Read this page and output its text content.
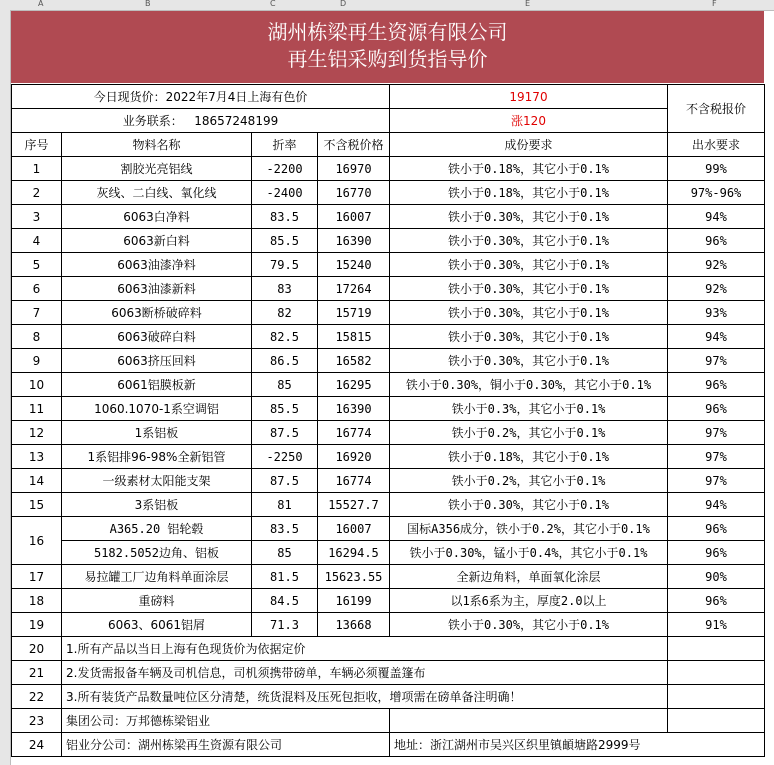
A	B	C	D	E	F
湖州栋梁再生资源有限公司
再生铝采购到货指导价
今日现货价：2022年7月4日上海有色价				19170	不含税报价
业务联系： 18657248199				涨120	
序号	物料名称	折率	不含税价格	成份要求	出水要求
1	割胶光亮铝线	-2200	16970	铁小于0.18%，其它小于0.1%	99%
2	灰线、二白线、氧化线	-2400	16770	铁小于0.18%，其它小于0.1%	97%-96%
3	6063白净料	83.5	16007	铁小于0.30%，其它小于0.1%	94%
4	6063新白料	85.5	16390	铁小于0.30%，其它小于0.1%	96%
5	6063油漆净料	79.5	15240	铁小于0.30%，其它小于0.1%	92%
6	6063油漆新料	83	17264	铁小于0.30%，其它小于0.1%	92%
7	6063断桥破碎料	82	15719	铁小于0.30%，其它小于0.1%	93%
8	6063破碎白料	82.5	15815	铁小于0.30%，其它小于0.1%	94%
9	6063挤压回料	86.5	16582	铁小于0.30%，其它小于0.1%	97%
10	6061铝膜板新	85	16295	铁小于0.30%，铜小于0.30%，其它小于0.1%	96%
11	1060.1070-1系空调铝	85.5	16390	铁小于0.3%，其它小于0.1%	96%
12	1系铝板	87.5	16774	铁小于0.2%，其它小于0.1%	97%
13	1系铝排96-98%全新铝管	-2250	16920	铁小于0.18%，其它小于0.1%	97%
14	一级素材太阳能支架	87.5	16774	铁小于0.2%，其它小于0.1%	97%
15	3系铝板	81	15527.7	铁小于0.30%，其它小于0.1%	94%
16	A365.20 铝轮毂	83.5	16007	国标A356成分，铁小于0.2%，其它小于0.1%	96%
	5182.5052边角、铝板	85	16294.5	铁小于0.30%，锰小于0.4%，其它小于0.1%	96%
17	易拉罐工厂边角料单面涂层	81.5	15623.55	全新边角料，单面氧化涂层	90%
18	重磅料	84.5	16199	以1系6系为主，厚度2.0以上	96%
19	6063、6061铝屑	71.3	13668	铁小于0.30%，其它小于0.1%	91%
20	1.所有产品以当日上海有色现货价为依据定价				
21	2.发货需报备车辆及司机信息，司机须携带磅单，车辆必须覆盖篷布				
22	3.所有装货产品数量吨位区分清楚，统货混料及压死包拒收，增项需在磅单备注明确！				
23	集团公司：万邦德栋梁铝业				
24	铝业分公司：湖州栋梁再生资源有限公司			地址：浙江湖州市吴兴区织里镇頔塘路2999号	
